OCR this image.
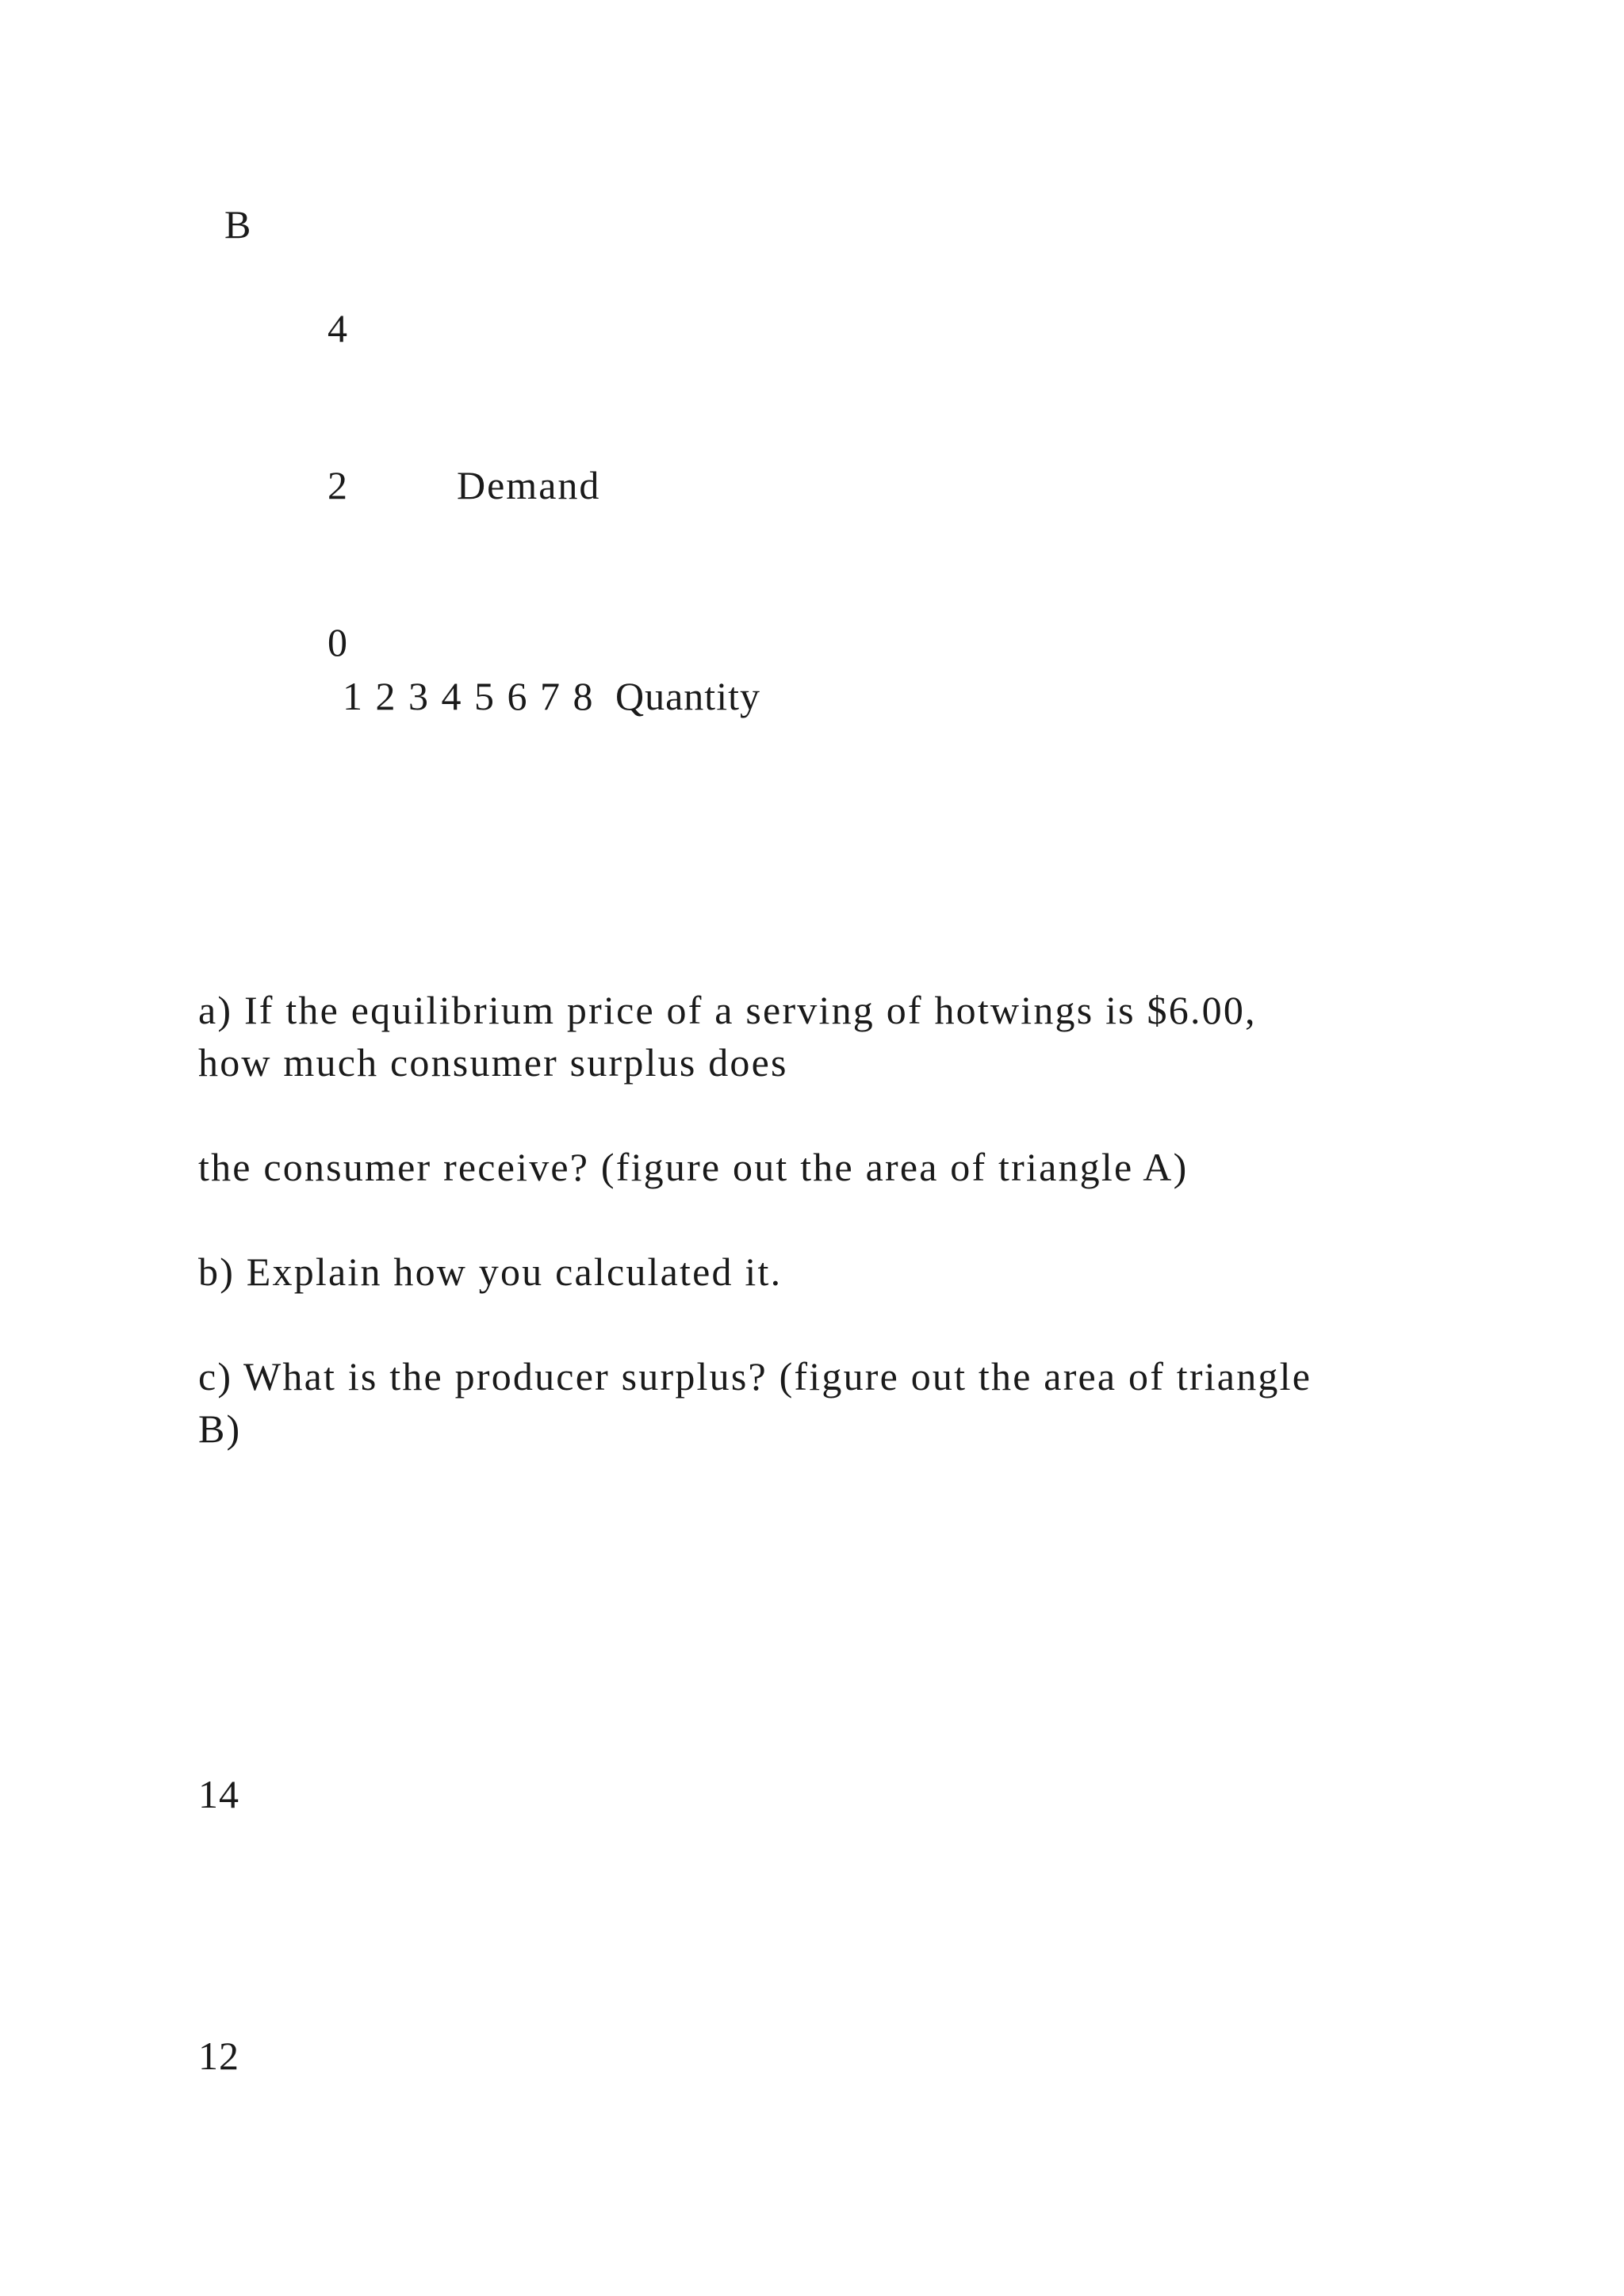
B
4
2	Demand
0
1 2 3 4 5 6 7 8 Quantity
a) If the equilibrium price of a serving of hotwings is $6.00,
how much consumer surplus does
the consumer receive? (figure out the area of triangle A)
b) Explain how you calculated it.
c) What is the producer surplus? (figure out the area of triangle
B)
14
12
